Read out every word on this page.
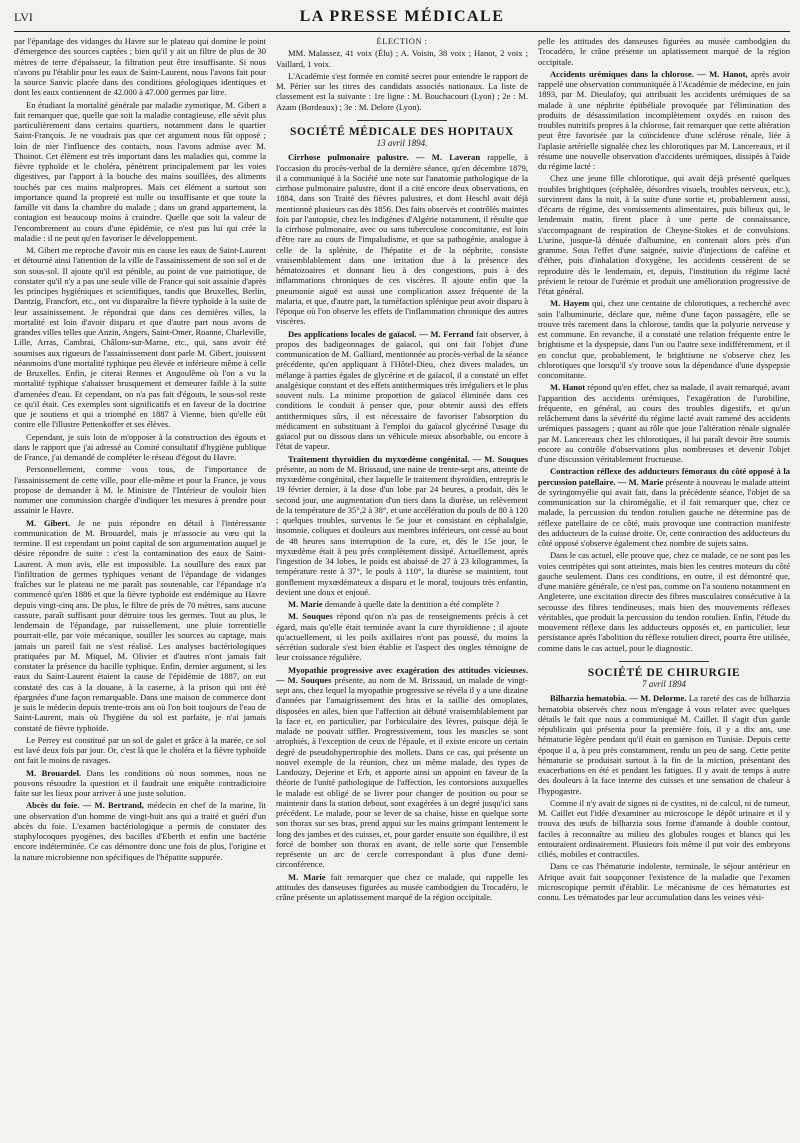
LVI	LA PRESSE MÉDICALE

par l'épandage des vidanges du Havre sur le plateau qui domine le point d'émergence des sources captées ; bien qu'il y ait un filtre de plus de 30 mètres de terre d'épaisseur, la filtration peut être insuffisante. Si nous n'avons pu l'établir pour les eaux de Saint-Laurent, nous l'avons fait pour la source Sanvic placée dans des conditions géologiques identiques et dont les eaux contiennent de 42.000 à 47.000 germes par litre.

En étudiant la mortalité générale par maladie zymotique, M. Gibert a fait remarquer que, quelle que soit la maladie contagieuse, elle sévit plus particulièrement dans certains quartiers, notamment dans le quartier Saint-François. Je ne voudrais pas que cet argument nous fût opposé ; loin de nier l'influence des contacts, nous l'avons admise avec M. Thoinot. Cet élément est très important dans les maladies qui, comme la fièvre typhoïde et le choléra, pénètrent principalement par les voies digestives, par l'apport à la bouche des mains souillées, des aliments touchés par ces mains malpropres. Mais cet élément a surtout son importance quand la propreté est nulle ou insuffisante et que toute la famille vit dans la chambre du malade ; dans un grand appartement, la contagion est beaucoup moins à craindre. Quelle que soit la valeur de l'encombrement au cours d'une épidémie, ce n'est pas lui qui crée la maladie : il ne peut qu'en favoriser le développement.

M. Gibert me reproche d'avoir mis en cause les eaux de Saint-Laurent et détourné ainsi l'attention de la ville de l'assainissement de son sol et de son sous-sol. Il ajoute qu'il est pénible, au point de vue patriotique, de constater qu'il n'y a pas une seule ville de France qui soit assainie d'après les principes hygiéniques et scientifiques, tandis que Bruxelles, Berlin, Dantzig, Francfort, etc., ont vu disparaître la fièvre typhoïde à la suite de leur assainissement. Je répondrai que dans ces dernières villes, la mortalité est loin d'avoir disparu et que d'autre part nous avons de grandes villes telles que Anzin, Angers, Saint-Omer, Roanne, Charleville, Lille, Arras, Cambrai, Châlons-sur-Marne, etc., qui, sans avoir été soumises aux rigueurs de l'assainissement dont parle M. Gibert, jouissent néanmoins d'une mortalité typhique peu élevée et inférieure même à celle de Bruxelles. Enfin, je citerai Rennes et Angoulême où l'on a vu la mortalité typhique s'abaisser brusquement et demeurer faible à la suite d'amenées d'eau. Et cependant, on n'a pas fait d'égouts, le sous-sol reste ce qu'il était. Ces exemples sont significatifs et en faveur de la doctrine que je soutiens et qui a triomphé en 1887 à Vienne, bien qu'elle eût contre elle l'illustre Pettenkoffer et ses élèves.

Cependant, je suis loin de m'opposer à la construction des égouts et dans le rapport que j'ai adressé au Comité consultatif d'hygiène publique de France, j'ai demandé de compléter le réseau d'égout du Havre.

Personnellement, comme vous tous, de l'importance de l'assainissement de cette ville, pour elle-même et pour la France, je vous propose de demander à M. le Ministre de l'Intérieur de vouloir bien nommer une commission chargée d'indiquer les mesures à prendre pour assainir le Havre.

M. Gibert. Je ne puis répondre en détail à l'intéressante communication de M. Brouardel, mais je m'associe au vœu qui la termine. Il est cependant un point capital de son argumentation auquel je désire répondre de suite : c'est la contamination des eaux de Saint-Laurent. A mon avis, elle est impossible. La souillure des eaux par l'infiltration de germes typhiques venant de l'épandage de vidanges fraîches sur le plateau ne me paraît pas soutenable, car l'épandage n'a commencé qu'en 1886 et que la fièvre typhoïde est endémique au Havre depuis vingt-cinq ans. De plus, le filtre de près de 70 mètres, sans aucune cassure, paraît suffisant pour détruire tous les germes. Tout au plus, le lendemain de l'épandage, par ruissellement, une pluie torrentielle pourrait-elle, par voie mécanique, souiller les sources au captage, mais jamais un pareil fait ne s'est réalisé. Les analyses bactériologiques pratiquées par M. Miquel, M. Olivier et d'autres n'ont jamais fait constater la présence du bacille typhique. Enfin, dernier argument, si les eaux du Saint-Laurent étaient la cause de l'épidémie de 1887, on eut constaté des cas à la douane, à la caserne, à la prison qui ont été épargnées d'une façon remarquable. Dans une maison de commerce dont je suis le médecin depuis trente-trois ans où l'on boit toujours de l'eau de Saint-Laurent, mais où l'hygiène du sol est parfaite, je n'ai jamais constaté de fièvre typhoïde.

Le Perrey est constitué par un sol de galet et grâce à la marée, ce sol est lavé deux fois par jour. Or, c'est là que le choléra et la fièvre typhoïde ont fait le moins de ravages.

M. Brouardel. Dans les conditions où nous sommes, nous ne pouvons résoudre la question et il faudrait une enquête contradictoire faite sur les lieux pour arriver à une juste solution.

Abcès du foie. — M. Bertrand, médecin en chef de la marine, lit une observation d'un homme de vingt-huit ans qui a traité et guéri d'un abcès du foie. L'examen bactériologique a permis de constater des staphylocoques pyogènes, des bacilles d'Eberth et enfin une bactérie encore indéterminée. Ce cas démontre donc une fois de plus, l'origine et la nature microbienne non spécifiques de l'hépatite suppurée.

ÉLECTION :

MM. Malassez, 41 voix (Élu) ; A. Voisin, 38 voix ; Hanot, 2 voix ; Vaillard, 1 voix.

L'Académie s'est formée en comité secret pour entendre le rapport de M. Périer sur les titres des candidats associés nationaux. La liste de classement est la suivante : 1re ligne : M. Bouchacourt (Lyon) ; 2e : M. Azam (Bordeaux) ; 3e : M. Delore (Lyon).

SOCIÉTÉ MÉDICALE DES HOPITAUX
13 avril 1894.

Cirrhose pulmonaire palustre. — M. Laveran rappelle, à l'occasion du procès-verbal de la dernière séance, qu'en décembre 1879, il a communiqué à la Société une note sur l'anatomie pathologique de la cirrhose pulmonaire palustre, dont il a cité encore deux observations, en 1884, dans son Traité des fièvres palustres, et dont Heschl avait déjà mentionné plusieurs cas dès 1856. Des faits observés et contrôlés maintes fois par l'autopsie, chez les indigènes d'Algérie notamment, il résulte que la cirrhose pulmonaire, avec ou sans tuberculose concomitante, est loin d'être rare au cours de l'impaludisme, et que sa pathogénie, analogue à celle de la splénite, de l'hépatite et de la néphrite, consiste vraisemblablement dans une irritation due à la présence des hématozoaires et donnant lieu à des congestions, puis à des inflammations chroniques de ces viscères. Il ajoute enfin que la pneumonie aiguë est aussi une complication assez fréquente de la malaria, et que, d'autre part, la tuméfaction splénique peut avoir disparu à l'époque où l'on observe les effets de l'inflammation chronique des autres viscères.

Des applications locales de gaïacol. — M. Ferrand fait observer, à propos des badigeonnages de gaïacol, qui ont fait l'objet d'une communication de M. Galliard, mentionnée au procès-verbal de la séance précédente, qu'en appliquant à l'Hôtel-Dieu, chez divers malades, un mélange à parties égales de glycérine et de gaïacol, il a constaté un effet analgésique constant et des effets antithermiques très irréguliers et le plus souvent nuls. La minime proportion de gaïacol éliminée dans ces conditions le conduit à penser que, pour obtenir aussi des effets antithermiques sûrs, il est nécessaire de favoriser l'absorption du médicament en substituant à l'emploi du gaïacol glycériné l'usage du gaïacol pur ou dissous dans un véhicule mieux absorbable, ou encore à l'état de vapeur.

Traitement thyroïdien du myxœdème congénital. — M. Souques présente, au nom de M. Brissaud, une naine de trente-sept ans, atteinte de myxœdème congénital, chez laquelle le traitement thyroïdien, entrepris le 19 février dernier, à la dose d'un lobe par 24 heures, a produit, dès le second jour, une augmentation d'un tiers dans la diurèse, un relèvement de la température de 35°,2 à 38°, et une accélération du pouls de 80 à 120 ; quelques troubles, survenus le 5e jour et consistant en céphalalgie, insomnie, coliques et douleurs aux membres inférieurs, ont cessé au bout de 48 heures sans interruption de la cure, et, dès le 15e jour, le myxœdème était à peu près complètement dissipé. Actuellement, après l'ingestion de 34 lobes, le poids est abaissé de 27 à 23 kilogrammes, la température reste à 37°, le pouls à 110°, la diurèse se maintient, tout gonflement myxœdémateux a disparu et le moral, toujours très enfantin, devient une doux et enjoué.

M. Marie demande à quelle date la dentition a été complète ?

M. Souques répond qu'on n'a pas de renseignements précis à cet égard, mais qu'elle était terminée avant la cure thyroïdienne ; il ajoute qu'actuellement, si les poils axillaires n'ont pas poussé, du moins la sécrétion sudorale s'est bien établie et l'aspect des ongles témoigne de leur croissance régulière.

Myopathie progressive avec exagération des attitudes vicieuses. — M. Souques présente, au nom de M. Brissaud, un malade de vingt-sept ans, chez lequel la myopathie progressive se révéla il y a une dizaine d'années par l'amaigrissement des bras et la saillie des omoplates, disposées en ailes, bien que l'affection ait débuté vraisemblablement par la face et, en particulier, par l'orbiculaire des lèvres, puisque déjà le malade ne pouvait siffler. Progressivement, tous les muscles se sont atrophiés, à l'exception de ceux de l'épaule, et il existe encore un certain degré de pseudohypertrophie des mollets. Dans ce cas, qui présente un nouvel exemple de la réunion, chez un même malade, des types de Landouzy, Dejerine et Erb, et apporte ainsi un appoint en faveur de la théorie de l'unité pathologique de l'affection, les contorsions auxquelles le malade est obligé de se livrer pour changer de position ou pour se maintenir dans la station debout, sont exagérées à un degré jusqu'ici sans précédent. Le malade, pour se lever de sa chaise, hisse en quelque sorte son thorax sur ses bras, prend appui sur les mains grimpant lentement le long des jambes et des cuisses, et, pour garder ensuite son équilibre, il est forcé de bomber son thorax en avant, de telle sorte que l'ensemble représente un arc de cercle correspondant à plus d'une demi-circonférence.

M. Marie fait remarquer que chez ce malade, qui rappelle les attitudes des danseuses figurées au musée cambodgien du Trocadéro, le crâne présente un aplatissement marqué de la région occipitale.

pelle les attitudes des danseuses figurées au musée cambodgien du Trocadéro, le crâne présente un aplatissement marqué de la région occipitale.

Accidents urémiques dans la chlorose. — M. Hanot, après avoir rappelé une observation communiquée à l'Académie de médecine, en juin 1893, par M. Dieulafoy, qui attribuait les accidents urémiques de sa malade à une néphrite épithéliale provoquée par l'élimination des produits de désassimilation incomplètement oxydés en raison des troubles nutritifs propres à la chlorose, fait remarquer que cette altération peut être favorisée par la coïncidence d'une sclérose rénale, liée à l'aplasie artérielle signalée chez les chlorotiques par M. Lancereaux, et il résume une nouvelle observation d'accidents urémiques, dissipés à l'aide du régime lacté :

Chez une jeune fille chlorotique, qui avait déjà présenté quelques troubles brightiques (céphalée, désordres visuels, troubles nerveux, etc.), survinrent dans la nuit, à la suite d'une sortie et, probablement aussi, d'écarts de régime, des vomissements alimentaires, puis bilieux qui, le lendemain matin, firent place à une perte de connaissance, s'accompagnant de respiration de Cheyne-Stokes et de convulsions. L'urine, jusque-là dénuée d'albumine, en contenait alors près d'un gramme. Sous l'effet d'une saignée, suivie d'injections de caféine et d'éther, puis d'inhalation d'oxygène, les accidents cessèrent de se reproduire dès le lendemain, et, depuis, l'institution du régime lacté prévient le retour de l'urémie et produit une amélioration progressive de l'état général.

M. Hayem qui, chez une centaine de chlorotiques, a recherché avec soin l'albuminurie, déclare que, même d'une façon passagère, elle se trouve très rarement dans la chlorose, tandis que la polyurie nerveuse y est commune. En revanche, il a constaté une relation fréquente entre le brightisme et la dyspepsie, dans l'un ou l'autre sexe indifféremment, et il en conclut que, probablement, le brightisme ne s'observe chez les chlorotiques que lorsqu'il s'y trouve sous la dépendance d'une dyspepsie concomitante.

M. Hanot répond qu'en effet, chez sa malade, il avait remarqué, avant l'apparition des accidents urémiques, l'exagération de l'urobiline, fréquente, en général, au cours des troubles digestifs, et qu'un relâchement dans la sévérité du régime lacté avait ramené des accidents urémiques passagers ; quant au rôle que joue l'altération rénale signalée par M. Lancereaux chez les chlorotiques, il lui paraît devoir être soumis encore au contrôle d'observations plus nombreuses et devenir l'objet d'une discussion véritablement fructueuse.

Contraction réflexe des adducteurs fémoraux du côté opposé à la percussion patellaire. — M. Marie présente à nouveau le malade atteint de syringomyélie qui avait fait, dans la précédente séance, l'objet de sa communication sur la chiromégalie, et il fait remarquer que, chez ce malade, la percussion du tendon rotulien gauche ne détermine pas de réflexe patellaire de ce côté, mais provoque une contraction manifeste des adducteurs de la cuisse droite. Or, cette contraction des adducteurs du côté opposé s'observe également chez nombre de sujets sains.

Dans le cas actuel, elle prouve que, chez ce malade, ce ne sont pas les voies centripètes qui sont atteintes, mais bien les centres moteurs du côté gauche seulement. Dans ces conditions, en outre, il est démontré que, d'une manière générale, ce n'est pas, comme on l'a soutenu notamment en Angleterre, une excitation directe des fibres musculaires consécutive à la secousse des fibres tendineuses, mais bien des mouvements réflexes véritables, que produit la percussion du tendon rotulien. Enfin, l'étude du mouvement réflexe dans les adducteurs opposés et, en particulier, leur persistance après l'abolition du réflexe rotulien direct, pourra être utilisée, comme dans le cas actuel, pour le diagnostic.

SOCIÉTÉ DE CHIRURGIE
7 avril 1894

Bilharzia hematobia. — M. Delorme. La rareté des cas de bilharzia hematobia observés chez nous m'engage à vous relater avec quelques détails le fait que nous a communiqué M. Caillet. Il s'agit d'un garde républicain qui présenta pour la première fois, il y a dix ans, une hématurie légère pendant qu'il était en garnison en Tunisie. Depuis cette époque il a, à peu près constamment, rendu un peu de sang. Cette petite hématurie se produisait surtout à la fin de la miction, présentant des exacerbations en été et pendant les fatigues. Il y avait de temps à autre des douleurs à la face interne des cuisses et une sensation de chaleur à l'hypogastre.

Comme il n'y avait de signes ni de cystites, ni de calcul, ni de tumeur, M. Caillet eut l'idée d'examiner au microscope le dépôt urinaire et il y trouva des œufs de bilharzia sous forme d'amande à double contour, faciles à reconnaître au milieu des globules rouges et blancs qui les entouraient ordinairement. Plusieurs fois même il put voir des embryons ciliés, mobiles et contractiles.

Dans ce cas l'hématurie indolente, terminale, le séjour antérieur en Afrique avait fait soupçonner l'existence de la maladie que l'examen microscopique permit d'établir. Le mécanisme de ces hématuries est connu. Les trématodes par leur accumulation dans les veines vési-
